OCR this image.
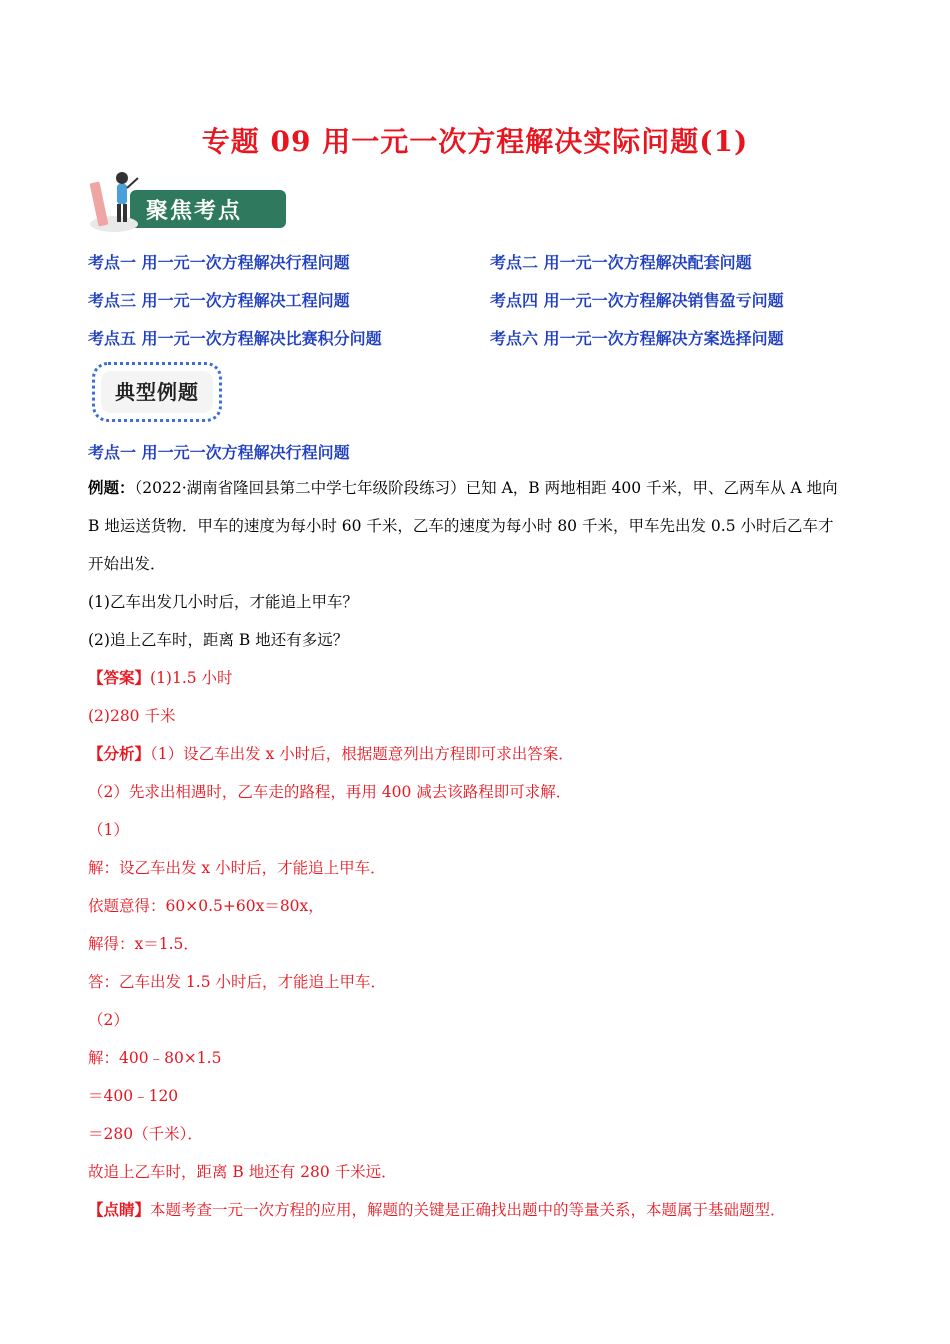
专题 09 用一元一次方程解决实际问题(1)
聚焦考点
考点一 用一元一次方程解决行程问题	考点二 用一元一次方程解决配套问题
考点三 用一元一次方程解决工程问题	考点四 用一元一次方程解决销售盈亏问题
考点五 用一元一次方程解决比赛积分问题	考点六 用一元一次方程解决方案选择问题
典型例题
考点一 用一元一次方程解决行程问题
例题：（2022·湖南省隆回县第二中学七年级阶段练习）已知 A，B 两地相距 400 千米，甲、乙两车从 A 地向
B 地运送货物．甲车的速度为每小时 60 千米，乙车的速度为每小时 80 千米，甲车先出发 0.5 小时后乙车才
开始出发．
(1)乙车出发几小时后，才能追上甲车？
(2)追上乙车时，距离 B 地还有多远？
【答案】(1)1.5 小时
(2)280 千米
【分析】（1）设乙车出发 x 小时后，根据题意列出方程即可求出答案．
（2）先求出相遇时，乙车走的路程，再用 400 减去该路程即可求解．
（1）
解：设乙车出发 x 小时后，才能追上甲车．
依题意得：60×0.5+60x＝80x，
解得：x＝1.5．
答：乙车出发 1.5 小时后，才能追上甲车．
（2）
解：400﹣80×1.5
＝400﹣120
＝280（千米）．
故追上乙车时，距离 B 地还有 280 千米远．
【点睛】本题考查一元一次方程的应用，解题的关键是正确找出题中的等量关系，本题属于基础题型．
